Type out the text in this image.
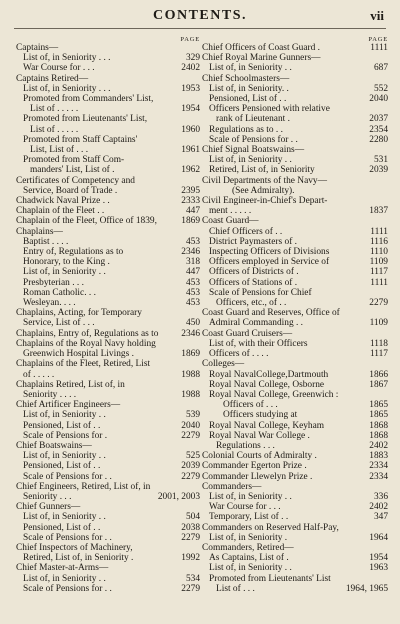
CONTENTS.	vii
PAGE
Captains—
List of, in Seniority . . .	329
War Course for . . .	2402
Captains Retired—
List of, in Seniority . . .	1953
Promoted from Commanders' List,
List of . . . . .	1954
Promoted from Lieutenants' List,
List of . . . . .	1960
Promoted from Staff Captains'
List, List of . . .	1961
Promoted from Staff Com-
manders' List, List of .	1962
Certificates of Competency and
Service, Board of Trade .	2395
Chadwick Naval Prize . .	2333
Chaplain of the Fleet . .	447
Chaplain of the Fleet, Office of 1839,	1869
Chaplains—
Baptist . . . .	453
Entry of, Regulations as to	2346
Honorary, to the King .	318
List of, in Seniority . .	447
Presbyterian . . .	453
Roman Catholic. . .	453
Wesleyan. . . .	453
Chaplains, Acting, for Temporary
Service, List of . . .	450
Chaplains, Entry of, Regulations as to	2346
Chaplains of the Royal Navy holding
Greenwich Hospital Livings .	1869
Chaplains of the Fleet, Retired, List
of . . . . .	1988
Chaplains Retired, List of, in
Seniority . . . .	1988
Chief Artificer Engineers—
List of, in Seniority . .	539
Pensioned, List of . .	2040
Scale of Pensions for .	2279
Chief Boatswains—
List of, in Seniority . .	525
Pensioned, List of . .	2039
Scale of Pensions for . .	2279
Chief Engineers, Retired, List of, in
Seniority . . .	2001, 2003
Chief Gunners—
List of, in Seniority . .	504
Pensioned, List of . .	2038
Scale of Pensions for . .	2279
Chief Inspectors of Machinery,
Retired, List of, in Seniority .	1992
Chief Master-at-Arms—
List of, in Seniority . .	534
Scale of Pensions for . .	2279
PAGE
Chief Officers of Coast Guard .	1111
Chief Royal Marine Gunners—
List of, in Seniority . .	687
Chief Schoolmasters—
List of, in Seniority. .	552
Pensioned, List of . .	2040
Officers Pensioned with relative
rank of Lieutenant .	2037
Regulations as to . .	2354
Scale of Pensions for . .	2280
Chief Signal Boatswains—
List of, in Seniority . .	531
Retired, List of, in Seniority	2039
Civil Departments of the Navy—
(See Admiralty).
Civil Engineer-in-Chief's Depart-
ment . . . . .	1837
Coast Guard—
Chief Officers of . .	1111
District Paymasters of .	1116
Inspecting Officers of Divisions	1110
Officers employed in Service of	1109
Officers of Districts of .	1117
Officers of Stations of .	1111
Scale of Pensions for Chief
Officers, etc., of . .	2279
Coast Guard and Reserves, Office of
Admiral Commanding . .	1109
Coast Guard Cruisers—
List of, with their Officers	1118
Officers of . . . .	1117
Colleges—
Royal NavalCollege,Dartmouth	1866
Royal Naval College, Osborne	1867
Royal Naval College, Greenwich :
Officers of . . .	1865
Officers studying at	1865
Royal Naval College, Keyham	1868
Royal Naval War College .	1868
Regulations . . .	2402
Colonial Courts of Admiralty .	1883
Commander Egerton Prize .	2334
Commander Llewelyn Prize .	2334
Commanders—
List of, in Seniority . .	336
War Course for . . .	2402
Temporary, List of . .	347
Commanders on Reserved Half-Pay,
List of, in Seniority .	1964
Commanders, Retired—
As Captains, List of .	1954
List of, in Seniority . .	1963
Promoted from Lieutenants' List
List of . . .	1964, 1965
